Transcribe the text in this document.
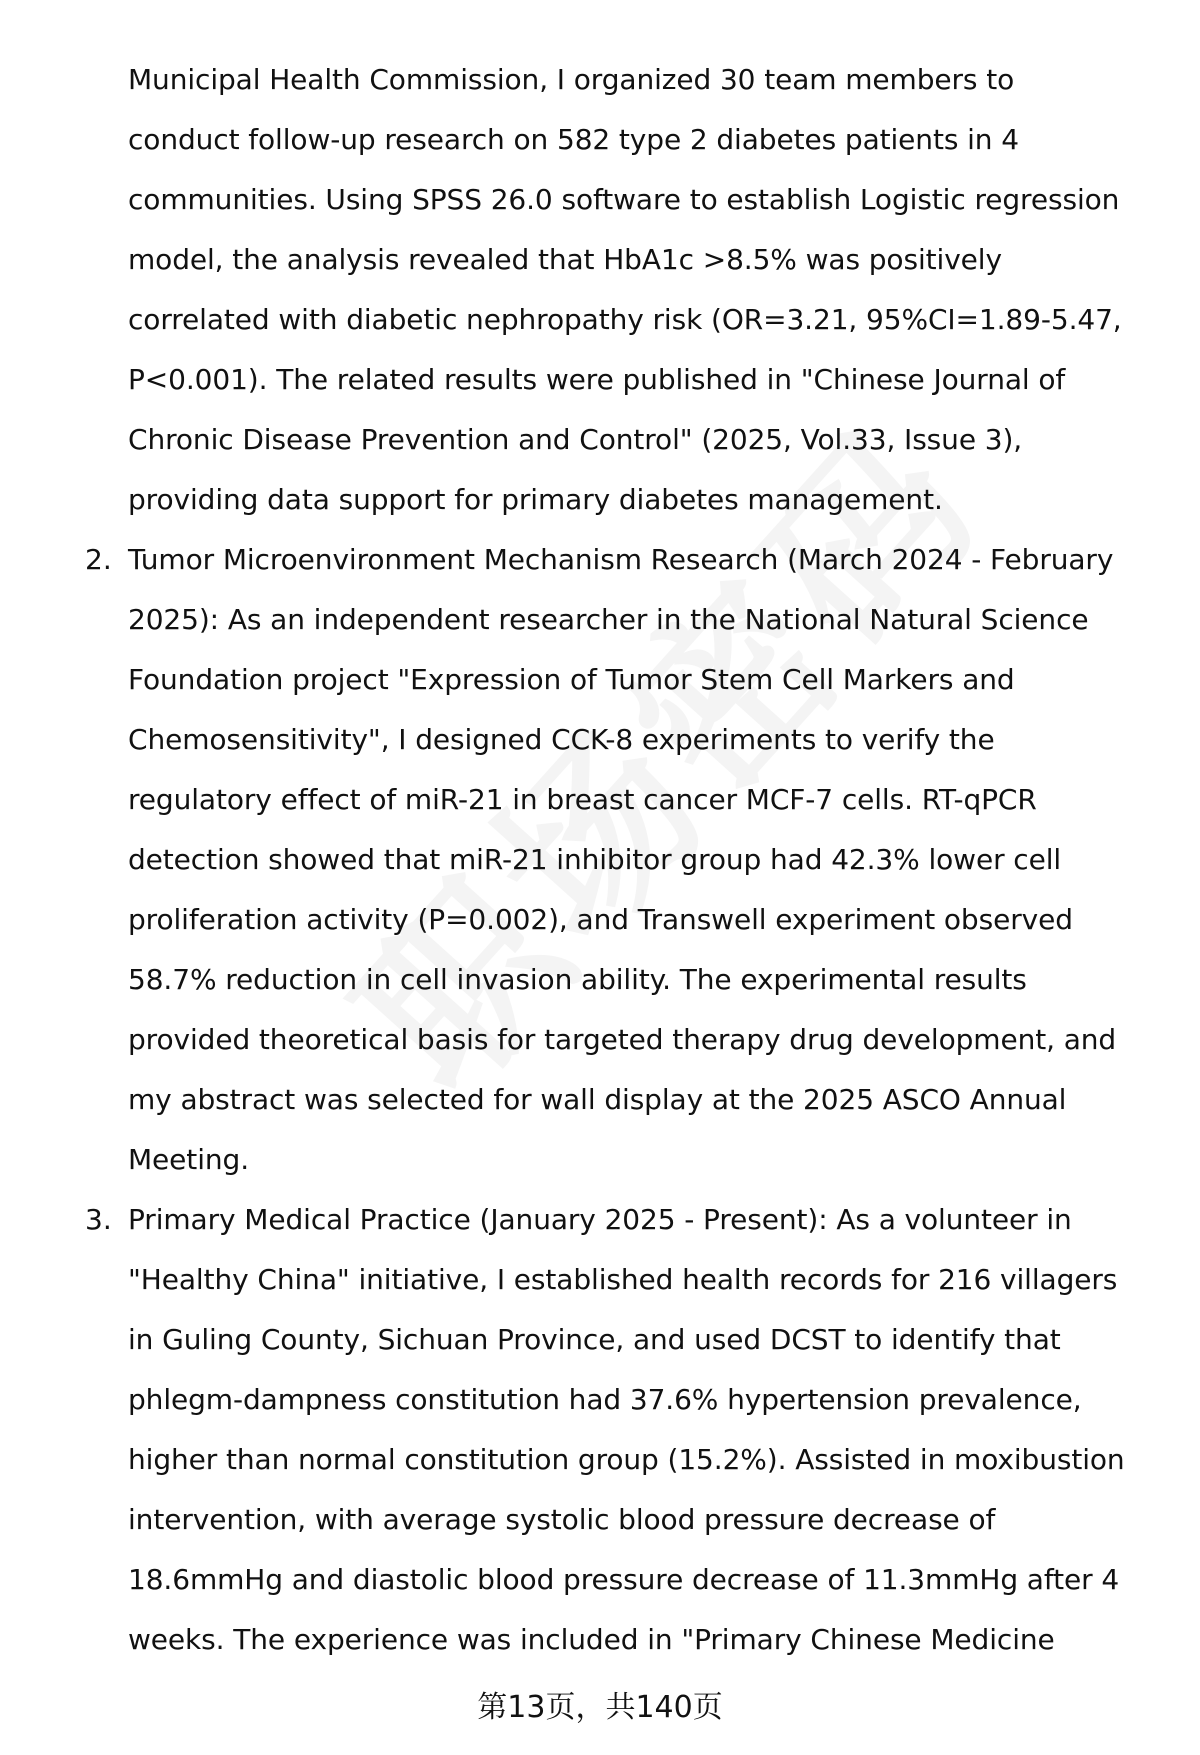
Municipal Health Commission, I organized 30 team members to
conduct follow-up research on 582 type 2 diabetes patients in 4
communities. Using SPSS 26.0 software to establish Logistic regression
model, the analysis revealed that HbA1c >8.5% was positively
correlated with diabetic nephropathy risk (OR=3.21, 95%CI=1.89-5.47,
P<0.001). The related results were published in "Chinese Journal of
Chronic Disease Prevention and Control" (2025, Vol.33, Issue 3),
providing data support for primary diabetes management.
2. Tumor Microenvironment Mechanism Research (March 2024 - February
2025): As an independent researcher in the National Natural Science
Foundation project "Expression of Tumor Stem Cell Markers and
Chemosensitivity", I designed CCK-8 experiments to verify the
regulatory effect of miR-21 in breast cancer MCF-7 cells. RT-qPCR
detection showed that miR-21 inhibitor group had 42.3% lower cell
proliferation activity (P=0.002), and Transwell experiment observed
58.7% reduction in cell invasion ability. The experimental results
provided theoretical basis for targeted therapy drug development, and
my abstract was selected for wall display at the 2025 ASCO Annual
Meeting.
3. Primary Medical Practice (January 2025 - Present): As a volunteer in
"Healthy China" initiative, I established health records for 216 villagers
in Guling County, Sichuan Province, and used DCST to identify that
phlegm-dampness constitution had 37.6% hypertension prevalence,
higher than normal constitution group (15.2%). Assisted in moxibustion
intervention, with average systolic blood pressure decrease of
18.6mmHg and diastolic blood pressure decrease of 11.3mmHg after 4
weeks. The experience was included in "Primary Chinese Medicine
第13页，共140页
